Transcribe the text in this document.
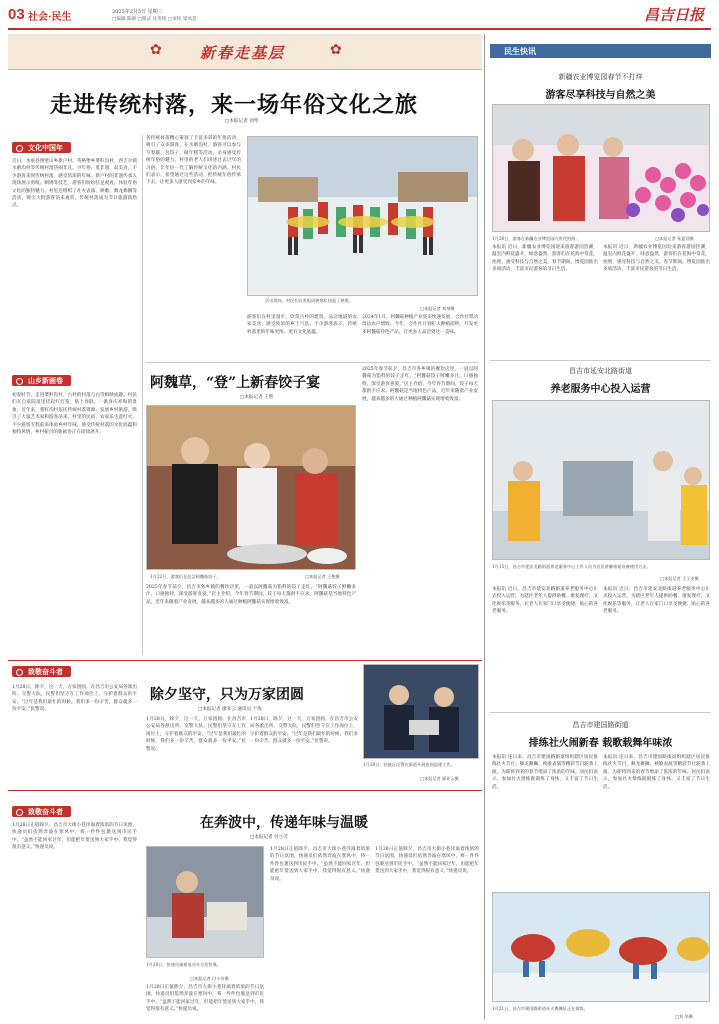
03 社会·民生	2025年2月5日 星期三
□编辑 陈锦 □版式 任雯铭 □审校 梁凤荟	昌吉日报
✿	✿
新春走基层
走进传统村落，来一场年俗文化之旅
□本报记者 刘琴
文化中国年
近日，木垒县照壁山乡新户村、英格堡乡菜籽沟村、西吉尔镇水磨沟村等传统村落热闹非凡。寻年俗、逛非遗、品美食，不少游客来到传统村落，感受浓浓的年味。新户村的非遗传承人现场展示剪纸、刺绣等技艺，游客们纷纷驻足观看，体验年俗文化的独特魅力。村里还组织了社火表演、秧歌、舞龙舞狮等活动，吸引大批游客前来观赏，传统村落成为节日旅游新热点。
山乡新画卷
初春时节，走进菜籽沟村，古朴的村落与白雪相映成趣。村民们在自家院落里挂起红灯笼，贴上春联，一派喜庆祥和的景象。近年来，菜籽沟村依托传统村落资源，发展乡村旅游，吸引了大量艺术家和游客前来。村里的民宿、农家乐生意红火，不少游客专程前来体验乡村年味，感受传统村落的文化底蕴和独特风情，乡村振兴的新画卷正在徐徐展开。
各传统村落精心策划了丰富多彩的年俗活动，吸引了众多游客。在水磨沟村，游客可以参与写春联、包饺子、做年糕等活动，亲身感受传统年俗的魅力。村里的老人们讲述过去过年的习俗，让年轻一代了解传统文化的内涵。村民们表示，希望通过这些活动，把传统年俗传承下去，让更多人感受到家乡的年味。
活动现场，村民们自发组成秧歌队扭起了秧歌。
□本报记者 刘琴摄
游客们在村里漫步，欣赏古朴的建筑，品尝地道的农家美食，感受浓浓的乡土气息。不少游客表示，传统村落里的年味更浓，更有文化底蕴。
2024年1月，阿魏菇种植产业迎来快速发展，合作社带动周边农户增收。今年，合作社计划扩大种植面积，开发更多阿魏菇特色产品，让更多人品尝到这一美味。
阿魏草，“登”上新春饺子宴
□本报记者 王艳
1月22日，游客们在品尝阿魏菇饺子。	□本报记者 王艳摄
2025年春节前夕，昌吉市各乡镇的餐饮店里，一道以阿魏菇为馅料的饺子走红。“阿魏菇饺子鲜嫩多汁，口感独特，深受游客喜爱。”店主介绍，今年春节期间，饺子每天都供不应求。阿魏菇是当地特色产品，近年来随着产业发展，越来越多的人通过种植阿魏菇实现增收致富。
2025年春节前夕，昌吉市各乡镇的餐饮店里，一道以阿魏菇为馅料的饺子走红。“阿魏菇饺子鲜嫩多汁，口感独特，深受游客喜爱。”店主介绍，今年春节期间，饺子每天都供不应求。阿魏菇是当地特色产品，近年来随着产业发展，越来越多的人通过种植阿魏菇实现增收致富。
致敬奋斗者
1月28日，除夕，这一天，万家团圆。在昌吉市公安局各派出所、交警大队，民警们坚守在工作岗位上，守护着群众的平安。“过年是我们最忙的时候，我们多一份辛苦，群众就多一份平安。”民警说。
除夕坚守，只为万家团圆
□本报记者 廖亚云 通讯员 于海
1月28日，除夕，这一天，万家团圆。在昌吉市公安局各派出所、交警大队，民警们坚守在工作岗位上，守护着群众的平安。“过年是我们最忙的时候，我们多一份辛苦，群众就多一份平安。”民警说。
1月28日，除夕，这一天，万家团圆。在昌吉市公安局各派出所、交警大队，民警们坚守在工作岗位上，守护着群众的平安。“过年是我们最忙的时候，我们多一份辛苦，群众就多一份平安。”民警说。
1月28日，回族区民警在街道开展夜间巡逻工作。
□本报记者 廖亚云摄
致敬奋斗者
1月28日正值除夕，昌吉市大街小巷洋溢着浓浓的节日氛围，快递员们依然奔波在寒风中，将一件件包裹送到市民手中。“虽然不能回家过年，但能把年货送到大家手中，我觉得很有意义。”快递员说。
在奔波中，传递年味与温暖
□本报记者 付小芳
1月28日，快递员骑着电动车分发包裹。
□本报记者 付小芳摄
1月28日正值除夕，昌吉市大街小巷洋溢着浓浓的节日氛围，快递员们依然奔波在寒风中，将一件件包裹送到市民手中。“虽然不能回家过年，但能把年货送到大家手中，我觉得很有意义。”快递员说。
1月28日正值除夕，昌吉市大街小巷洋溢着浓浓的节日氛围，快递员们依然奔波在寒风中，将一件件包裹送到市民手中。“虽然不能回家过年，但能把年货送到大家手中，我觉得很有意义。”快递员说。
1月28日正值除夕，昌吉市大街小巷洋溢着浓浓的节日氛围，快递员们依然奔波在寒风中，将一件件包裹送到市民手中。“虽然不能回家过年，但能把年货送到大家手中，我觉得很有意义。”快递员说。
民生快讯
新疆农业博览园春节不打烊
游客尽享科技与自然之美
1月26日，游客在新疆农业博览园内赏花拍照。	□本报记者 张夏翎摄
本报讯 近日，新疆农业博览园迎来游客游园热潮，温室内鲜花盛开，绿意盎然，游客们在花海中赏花、拍照，感受科技与自然之美。春节期间，博览园推出多项活动，丰富市民游客的节日生活。
本报讯 近日，新疆农业博览园迎来游客游园热潮，温室内鲜花盛开，绿意盎然，游客们在花海中赏花、拍照，感受科技与自然之美。春节期间，博览园推出多项活动，丰富市民游客的节日生活。
昌吉市延安北路街道
养老服务中心投入运营
1月15日，昌吉市延安北路街道养老服务中心工作人员为居民讲解康复设备使用方法。
□本报记者 王子安摄
本报讯 近日，昌吉市延安北路街道养老服务中心正式投入运营，为辖区老年人提供助餐、康复理疗、文化娱乐等服务，让老人在家门口享受便捷、贴心的养老服务。
本报讯 近日，昌吉市延安北路街道养老服务中心正式投入运营，为辖区老年人提供助餐、康复理疗、文化娱乐等服务，让老人在家门口享受便捷、贴心的养老服务。
昌吉市建国路街道
排练社火闹新春 载歌载舞年味浓
本报讯 连日来，昌吉市建国路街道组织辖区居民排练社火节目，舞龙舞狮、秧歌表演等精彩节目轮番上演，为即将到来的春节增添了浓浓的年味。居民们表示，参加社火排练既锻炼了身体，又丰富了节日生活。
本报讯 连日来，昌吉市建国路街道组织辖区居民排练社火节目，舞龙舞狮、秧歌表演等精彩节目轮番上演，为即将到来的春节增添了浓浓的年味。居民们表示，参加社火排练既锻炼了身体，又丰富了节日生活。
1月21日，昌吉市建国路街道社火舞狮队正在排练。
□刘 华摄
